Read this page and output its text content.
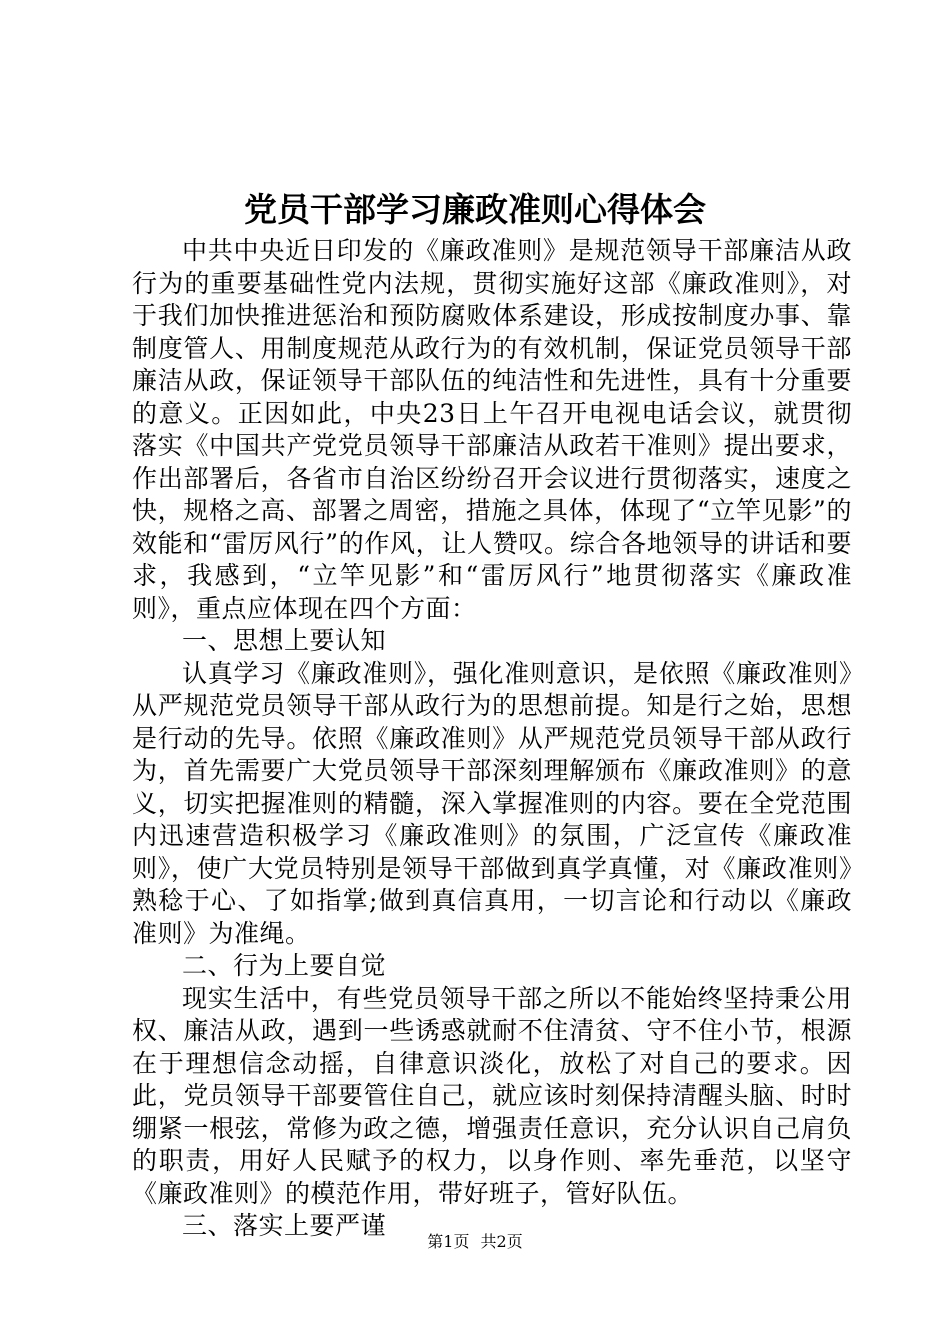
党员干部学习廉政准则心得体会

中共中央近日印发的《廉政准则》是规范领导干部廉洁从政行为的重要基础性党内法规，贯彻实施好这部《廉政准则》，对于我们加快推进惩治和预防腐败体系建设，形成按制度办事、靠制度管人、用制度规范从政行为的有效机制，保证党员领导干部廉洁从政，保证领导干部队伍的纯洁性和先进性，具有十分重要的意义。正因如此，中央23日上午召开电视电话会议，就贯彻落实《中国共产党党员领导干部廉洁从政若干准则》提出要求，作出部署后，各省市自治区纷纷召开会议进行贯彻落实，速度之快，规格之高、部署之周密，措施之具体，体现了“立竿见影”的效能和“雷厉风行”的作风，让人赞叹。综合各地领导的讲话和要求，我感到，“立竿见影”和“雷厉风行”地贯彻落实《廉政准则》，重点应体现在四个方面：

一、思想上要认知

认真学习《廉政准则》，强化准则意识，是依照《廉政准则》从严规范党员领导干部从政行为的思想前提。知是行之始，思想是行动的先导。依照《廉政准则》从严规范党员领导干部从政行为，首先需要广大党员领导干部深刻理解颁布《廉政准则》的意义，切实把握准则的精髓，深入掌握准则的内容。要在全党范围内迅速营造积极学习《廉政准则》的氛围，广泛宣传《廉政准则》，使广大党员特别是领导干部做到真学真懂，对《廉政准则》熟稔于心、了如指掌;做到真信真用，一切言论和行动以《廉政准则》为准绳。

二、行为上要自觉

现实生活中，有些党员领导干部之所以不能始终坚持秉公用权、廉洁从政，遇到一些诱惑就耐不住清贫、守不住小节，根源在于理想信念动摇，自律意识淡化，放松了对自己的要求。因此，党员领导干部要管住自己，就应该时刻保持清醒头脑、时时绷紧一根弦，常修为政之德，增强责任意识，充分认识自己肩负的职责，用好人民赋予的权力，以身作则、率先垂范，以坚守《廉政准则》的模范作用，带好班子，管好队伍。

三、落实上要严谨

第1页 共2页
